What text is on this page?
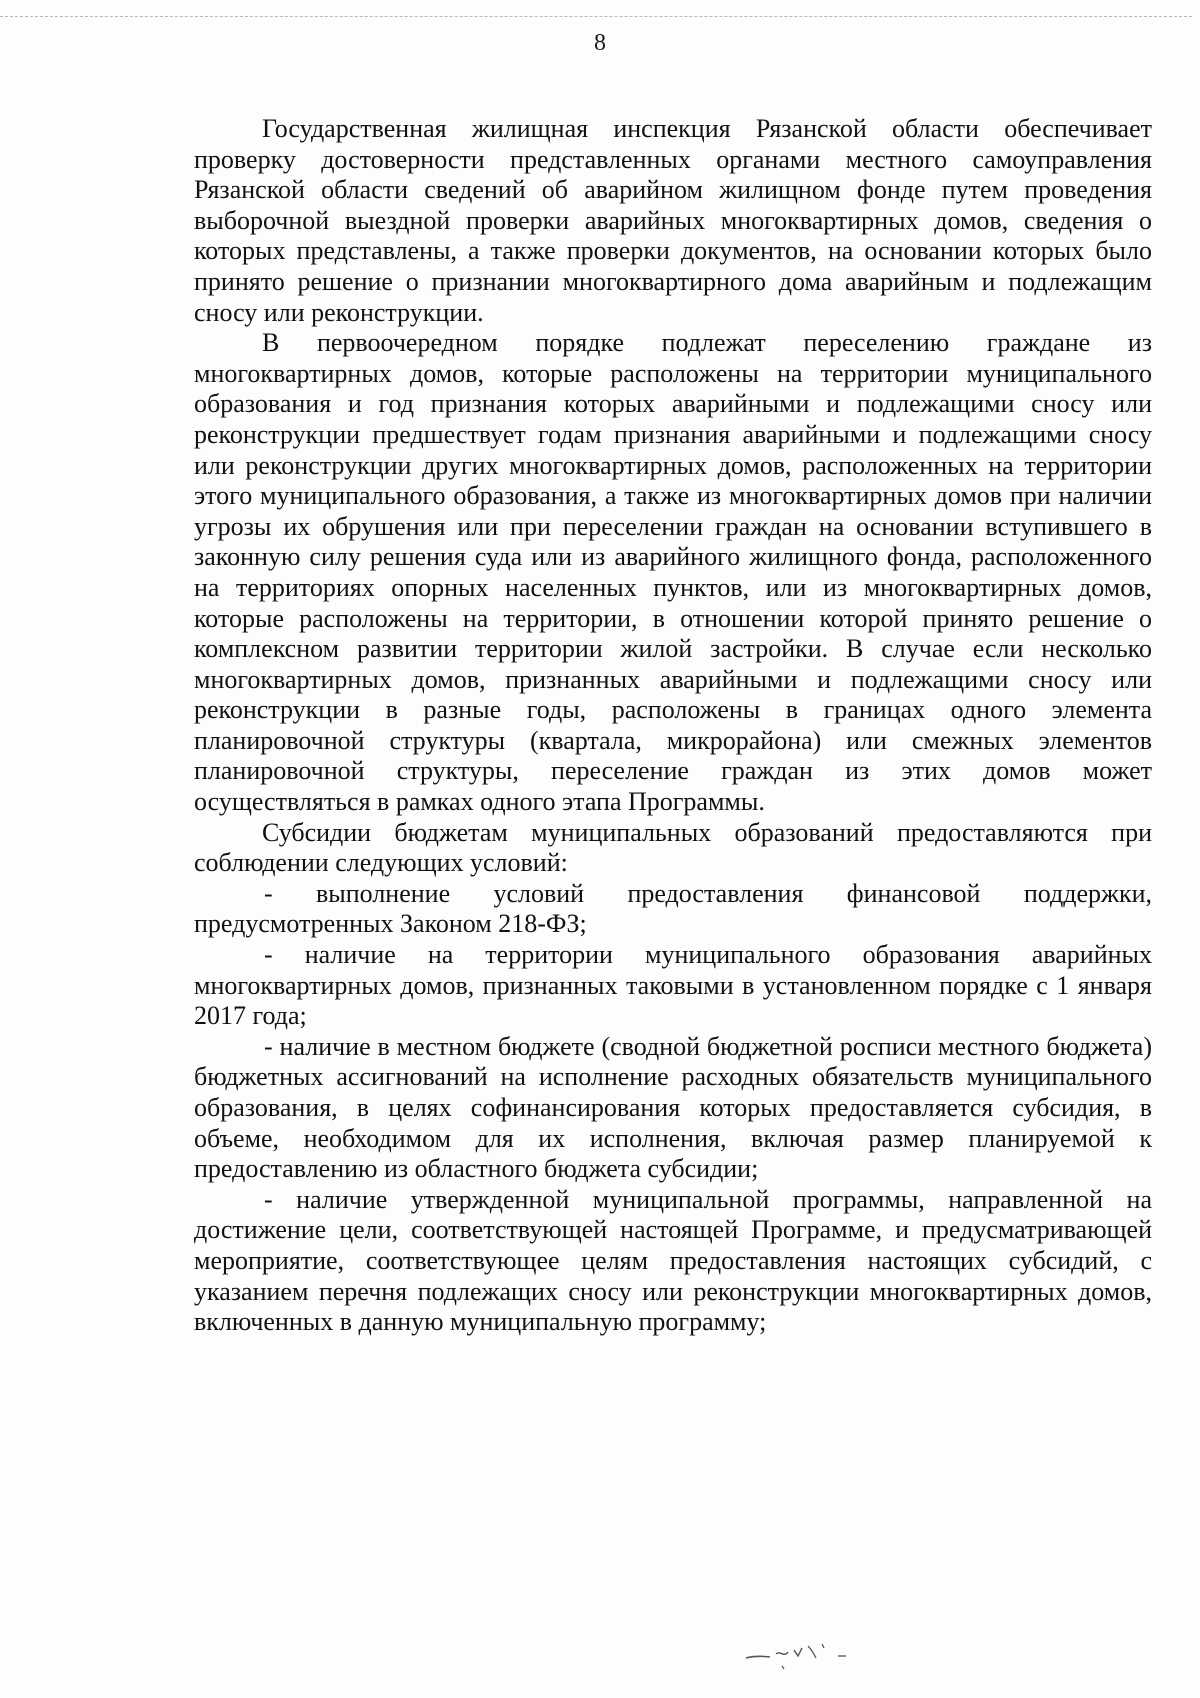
8

Государственная жилищная инспекция Рязанской области обеспечивает проверку достоверности представленных органами местного самоуправления Рязанской области сведений об аварийном жилищном фонде путем проведения выборочной выездной проверки аварийных многоквартирных домов, сведения о которых представлены, а также проверки документов, на основании которых было принято решение о признании многоквартирного дома аварийным и подлежащим сносу или реконструкции.

В первоочередном порядке подлежат переселению граждане из многоквартирных домов, которые расположены на территории муниципального образования и год признания которых аварийными и подлежащими сносу или реконструкции предшествует годам признания аварийными и подлежащими сносу или реконструкции других многоквартирных домов, расположенных на территории этого муниципального образования, а также из многоквартирных домов при наличии угрозы их обрушения или при переселении граждан на основании вступившего в законную силу решения суда или из аварийного жилищного фонда, расположенного на территориях опорных населенных пунктов, или из многоквартирных домов, которые расположены на территории, в отношении которой принято решение о комплексном развитии территории жилой застройки. В случае если несколько многоквартирных домов, признанных аварийными и подлежащими сносу или реконструкции в разные годы, расположены в границах одного элемента планировочной структуры (квартала, микрорайона) или смежных элементов планировочной структуры, переселение граждан из этих домов может осуществляться в рамках одного этапа Программы.

Субсидии бюджетам муниципальных образований предоставляются при соблюдении следующих условий:

- выполнение условий предоставления финансовой поддержки, предусмотренных Законом 218-ФЗ;

- наличие на территории муниципального образования аварийных многоквартирных домов, признанных таковыми в установленном порядке с 1 января 2017 года;

- наличие в местном бюджете (сводной бюджетной росписи местного бюджета) бюджетных ассигнований на исполнение расходных обязательств муниципального образования, в целях софинансирования которых предоставляется субсидия, в объеме, необходимом для их исполнения, включая размер планируемой к предоставлению из областного бюджета субсидии;

- наличие утвержденной муниципальной программы, направленной на достижение цели, соответствующей настоящей Программе, и предусматривающей мероприятие, соответствующее целям предоставления настоящих субсидий, с указанием перечня подлежащих сносу или реконструкции многоквартирных домов, включенных в данную муниципальную программу;
